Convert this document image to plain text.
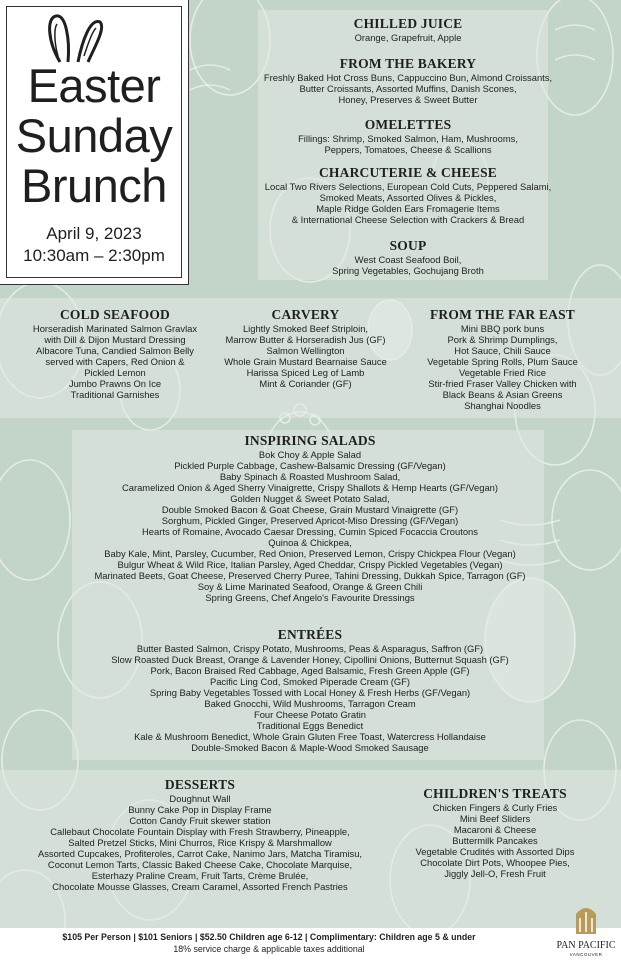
Easter
Sunday
Brunch
April 9, 2023
10:30am – 2:30pm
CHILLED JUICE
Orange, Grapefruit, Apple
FROM THE BAKERY
Freshly Baked Hot Cross Buns, Cappuccino Bun, Almond Croissants,
Butter Croissants, Assorted Muffins, Danish Scones,
Honey, Preserves & Sweet Butter
OMELETTES
Fillings: Shrimp, Smoked Salmon, Ham, Mushrooms,
Peppers, Tomatoes, Cheese & Scallions
CHARCUTERIE & CHEESE
Local Two Rivers Selections, European Cold Cuts, Peppered Salami,
Smoked Meats, Assorted Olives & Pickles,
Maple Ridge Golden Ears Fromagerie Items
& International Cheese Selection with Crackers & Bread
SOUP
West Coast Seafood Boil,
Spring Vegetables, Gochujang Broth
COLD SEAFOOD
Horseradish Marinated Salmon Gravlax
with Dill & Dijon Mustard Dressing
Albacore Tuna, Candied Salmon Belly
served with Capers, Red Onion &
Pickled Lemon
Jumbo Prawns On Ice
Traditional Garnishes
CARVERY
Lightly Smoked Beef Striploin,
Marrow Butter & Horseradish Jus (GF)
Salmon Wellington
Whole Grain Mustard Bearnaise Sauce
Harissa Spiced Leg of Lamb
Mint & Coriander (GF)
FROM THE FAR EAST
Mini BBQ pork buns
Pork & Shrimp Dumplings,
Hot Sauce, Chili Sauce
Vegetable Spring Rolls, Plum Sauce
Vegetable Fried Rice
Stir-fried Fraser Valley Chicken with
Black Beans & Asian Greens
Shanghai Noodles
INSPIRING SALADS
Bok Choy & Apple Salad
Pickled Purple Cabbage, Cashew-Balsamic Dressing (GF/Vegan)
Baby Spinach & Roasted Mushroom Salad,
Caramelized Onion & Aged Sherry Vinaigrette, Crispy Shallots & Hemp Hearts (GF/Vegan)
Golden Nugget & Sweet Potato Salad,
Double Smoked Bacon & Goat Cheese, Grain Mustard Vinaigrette (GF)
Sorghum, Pickled Ginger, Preserved Apricot-Miso Dressing (GF/Vegan)
Hearts of Romaine, Avocado Caesar Dressing, Cumin Spiced Focaccia Croutons
Quinoa & Chickpea,
Baby Kale, Mint, Parsley, Cucumber, Red Onion, Preserved Lemon, Crispy Chickpea Flour (Vegan)
Bulgur Wheat & Wild Rice, Italian Parsley, Aged Cheddar, Crispy Pickled Vegetables (Vegan)
Marinated Beets, Goat Cheese, Preserved Cherry Puree, Tahini Dressing, Dukkah Spice, Tarragon (GF)
Soy & Lime Marinated Seafood, Orange & Green Chili
Spring Greens, Chef Angelo's Favourite Dressings
ENTRÉES
Butter Basted Salmon, Crispy Potato, Mushrooms, Peas & Asparagus, Saffron (GF)
Slow Roasted Duck Breast, Orange & Lavender Honey, Cipollini Onions, Butternut Squash (GF)
Pork, Bacon Braised Red Cabbage, Aged Balsamic, Fresh Green Apple (GF)
Pacific Ling Cod, Smoked Piperade Cream (GF)
Spring Baby Vegetables Tossed with Local Honey & Fresh Herbs (GF/Vegan)
Baked Gnocchi, Wild Mushrooms, Tarragon Cream
Four Cheese Potato Gratin
Traditional Eggs Benedict
Kale & Mushroom Benedict, Whole Grain Gluten Free Toast, Watercress Hollandaise
Double-Smoked Bacon & Maple-Wood Smoked Sausage
DESSERTS
Doughnut Wall
Bunny Cake Pop in Display Frame
Cotton Candy Fruit skewer station
Callebaut Chocolate Fountain Display with Fresh Strawberry, Pineapple,
Salted Pretzel Sticks, Mini Churros, Rice Krispy & Marshmallow
Assorted Cupcakes, Profiteroles, Carrot Cake, Nanimo Jars, Matcha Tiramisu,
Coconut Lemon Tarts, Classic Baked Cheese Cake, Chocolate Marquise,
Esterhazy Praline Cream, Fruit Tarts, Crème Brulée,
Chocolate Mousse Glasses, Cream Caramel, Assorted French Pastries
CHILDREN'S TREATS
Chicken Fingers & Curly Fries
Mini Beef Sliders
Macaroni & Cheese
Buttermilk Pancakes
Vegetable Crudités with Assorted Dips
Chocolate Dirt Pots, Whoopee Pies,
Jiggly Jell-O, Fresh Fruit
$105 Per Person | $101 Seniors | $52.50 Children age 6-12 | Complimentary: Children age 5 & under
18% service charge & applicable taxes additional	PAN PACIFIC
VANCOUVER
